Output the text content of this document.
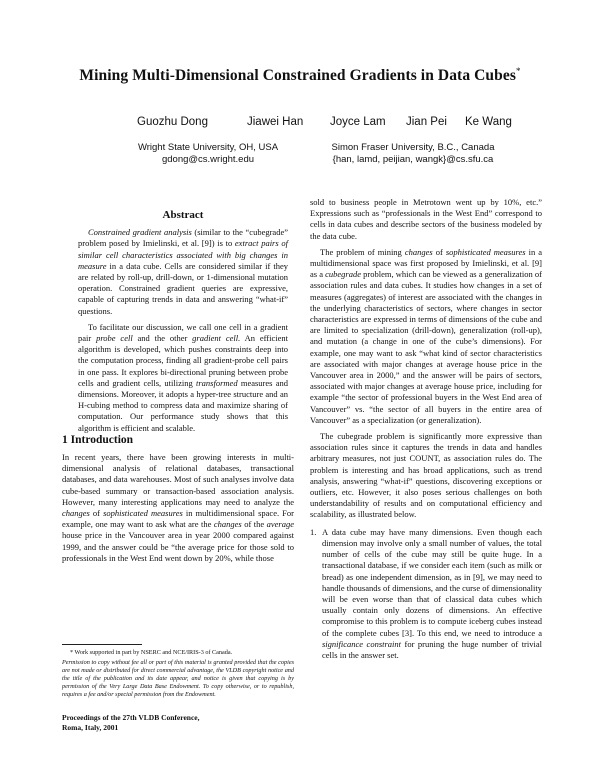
Mining Multi-Dimensional Constrained Gradients in Data Cubes*
Guozhu Dong	Jiawei Han Joyce Lam Jian Pei Ke Wang
Wright State University, OH, USA
gdong@cs.wright.edu
Simon Fraser University, B.C., Canada
{han, lamd, peijian, wangk}@cs.sfu.ca
Abstract

Constrained gradient analysis (similar to the “cubegrade” problem posed by Imielinski, et al. [9]) is to extract pairs of similar cell characteristics associated with big changes in measure in a data cube. Cells are considered similar if they are related by roll-up, drill-down, or 1-dimensional mutation operation. Constrained gradient queries are expressive, capable of capturing trends in data and answering “what-if” questions.

To facilitate our discussion, we call one cell in a gradient pair probe cell and the other gradient cell. An efficient algorithm is developed, which pushes constraints deep into the computation process, finding all gradient-probe cell pairs in one pass. It explores bi-directional pruning between probe cells and gradient cells, utilizing transformed measures and dimensions. Moreover, it adopts a hyper-tree structure and an H-cubing method to compress data and maximize sharing of computation. Our performance study shows that this algorithm is efficient and scalable.

1 Introduction

In recent years, there have been growing interests in multi-dimensional analysis of relational databases, transactional databases, and data warehouses. Most of such analyses involve data cube-based summary or transaction-based association analysis. However, many interesting applications may need to analyze the changes of sophisticated measures in multidimensional space. For example, one may want to ask what are the changes of the average house price in the Vancouver area in year 2000 compared against 1999, and the answer could be “the average price for those sold to professionals in the West End went down by 20%, while those

* Work supported in part by NSERC and NCE/IRIS-3 of Canada.
Permission to copy without fee all or part of this material is granted provided that the copies are not made or distributed for direct commercial advantage, the VLDB copyright notice and the title of the publication and its date appear, and notice is given that copying is by permission of the Very Large Data Base Endowment. To copy otherwise, or to republish, requires a fee and/or special permission from the Endowment.
Proceedings of the 27th VLDB Conference,
Roma, Italy, 2001

sold to business people in Metrotown went up by 10%, etc.” Expressions such as “professionals in the West End” correspond to cells in data cubes and describe sectors of the business modeled by the data cube.

The problem of mining changes of sophisticated measures in a multidimensional space was first proposed by Imielinski, et al. [9] as a cubegrade problem, which can be viewed as a generalization of association rules and data cubes. It studies how changes in a set of measures (aggregates) of interest are associated with the changes in the underlying characteristics of sectors, where changes in sector characteristics are expressed in terms of dimensions of the cube and are limited to specialization (drill-down), generalization (roll-up), and mutation (a change in one of the cube’s dimensions). For example, one may want to ask “what kind of sector characteristics are associated with major changes at average house price in the Vancouver area in 2000,” and the answer will be pairs of sectors, associated with major changes at average house price, including for example “the sector of professional buyers in the West End area of Vancouver” vs. “the sector of all buyers in the entire area of Vancouver” as a specialization (or generalization).

The cubegrade problem is significantly more expressive than association rules since it captures the trends in data and handles arbitrary measures, not just COUNT, as association rules do. The problem is interesting and has broad applications, such as trend analysis, answering “what-if” questions, discovering exceptions or outliers, etc. However, it also poses serious challenges on both understandability of results and on computational efficiency and scalability, as illustrated below.

1. A data cube may have many dimensions. Even though each dimension may involve only a small number of values, the total number of cells of the cube may still be quite huge. In a transactional database, if we consider each item (such as milk or bread) as one independent dimension, as in [9], we may need to handle thousands of dimensions, and the curse of dimensionality will be even worse than that of classical data cubes which usually contain only dozens of dimensions. An effective compromise to this problem is to compute iceberg cubes instead of the complete cubes [3]. To this end, we need to introduce a significance constraint for pruning the huge number of trivial cells in the answer set.
